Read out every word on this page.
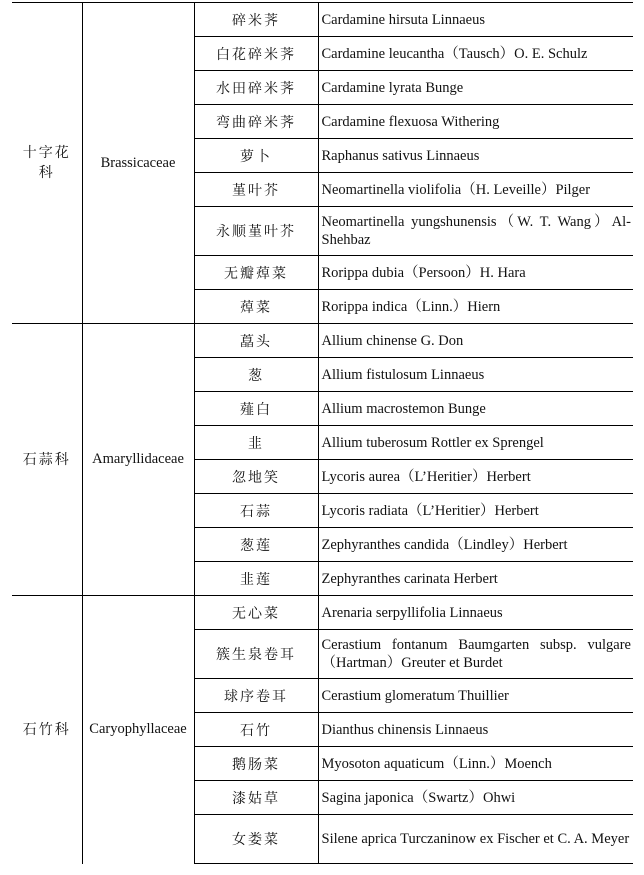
十字花科	Brassicaceae	碎米荠	Cardamine hirsuta Linnaeus
		白花碎米荠	Cardamine leucantha（Tausch）O. E. Schulz
		水田碎米荠	Cardamine lyrata Bunge
		弯曲碎米荠	Cardamine flexuosa Withering
		萝卜	Raphanus sativus Linnaeus
		堇叶芥	Neomartinella violifolia（H. Leveille）Pilger
		永顺堇叶芥	Neomartinella yungshunensis（W. T. Wang）Al-Shehbaz
		无瓣蔊菜	Rorippa dubia（Persoon）H. Hara
		蔊菜	Rorippa indica（Linn.）Hiern
石蒜科	Amaryllidaceae	藠头	Allium chinense G. Don
		葱	Allium fistulosum Linnaeus
		薤白	Allium macrostemon Bunge
		韭	Allium tuberosum Rottler ex Sprengel
		忽地笑	Lycoris aurea（L’Heritier）Herbert
		石蒜	Lycoris radiata（L’Heritier）Herbert
		葱莲	Zephyranthes candida（Lindley）Herbert
		韭莲	Zephyranthes carinata Herbert
石竹科	Caryophyllaceae	无心菜	Arenaria serpyllifolia Linnaeus
		簇生泉卷耳	Cerastium fontanum Baumgarten subsp. vulgare（Hartman）Greuter et Burdet
		球序卷耳	Cerastium glomeratum Thuillier
		石竹	Dianthus chinensis Linnaeus
		鹅肠菜	Myosoton aquaticum（Linn.）Moench
		漆姑草	Sagina japonica（Swartz）Ohwi
		女娄菜	Silene aprica Turczaninow ex Fischer et C. A. Meyer
